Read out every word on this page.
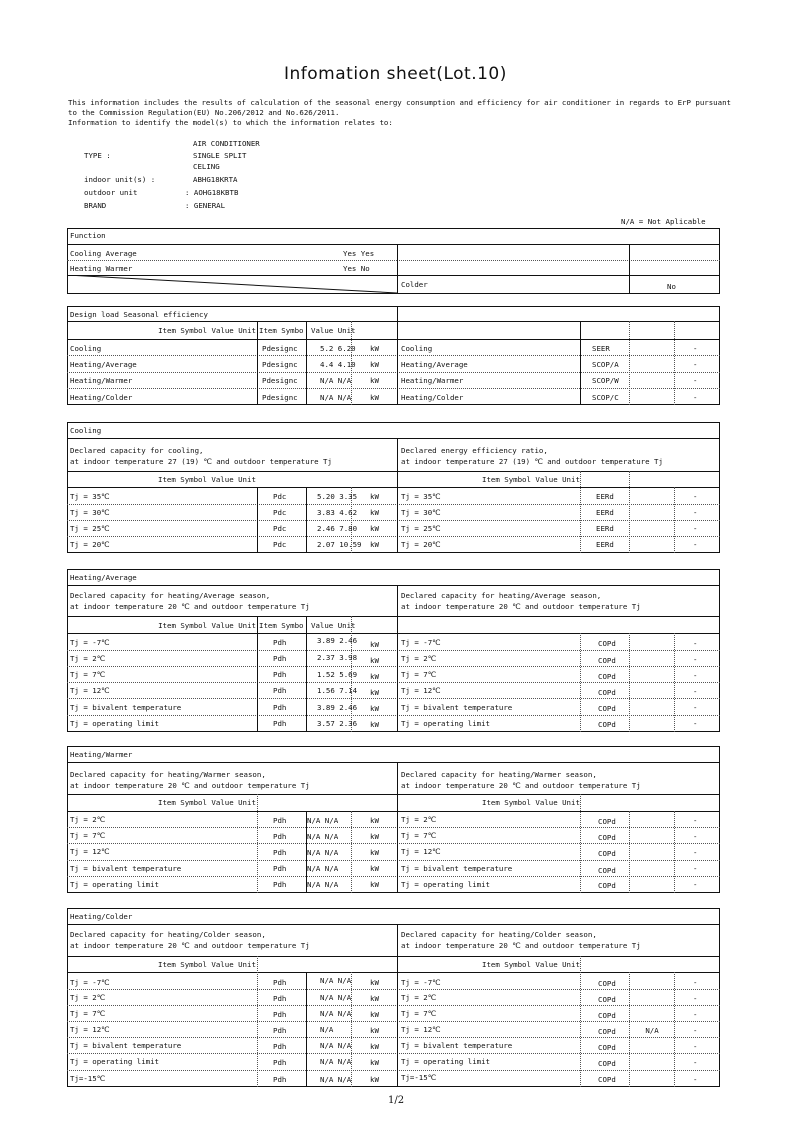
Infomation sheet(Lot.10)
This information includes the results of calculation of the seasonal energy consumption and efficiency for air conditioner in regards to ErP pursuant
to the Commission Regulation(EU) No.206/2012 and No.626/2011.
Information to identify the model(s) to which the information relates to:
AIR CONDITIONER
TYPE :	SINGLE SPLIT
CELING
indoor unit(s) :	ABHG18KRTA
outdoor unit	: AOHG18KBTB
BRAND	: GENERAL
N/A = Not Aplicable
Function
Cooling Average	Yes Yes
Heating Warmer	Yes No
Colder	No
Design load Seasonal efficiency
Item Symbol Value Unit Item Symbo Value Unit
Cooling	Pdesignc	5.2 6.20 kW	Cooling	SEER	-
Heating/Average	Pdesignc	4.4 4.10 kW	Heating/Average	SCOP/A	-
Heating/Warmer	Pdesignc	N/A N/A	kW	Heating/Warmer	SCOP/W	-
Heating/Colder	Pdesignc	N/A N/A	kW	Heating/Colder	SCOP/C	-
Cooling
Declared capacity for cooling,
at indoor temperature 27 (19) ℃ and outdoor temperature Tj
Declared energy efficiency ratio,
at indoor temperature 27 (19) ℃ and outdoor temperature Tj
Item Symbol Value Unit	Item Symbol Value Unit
Tj = 35℃	Pdc	5.20 3.35 kW	Tj = 35℃	EERd	-
Tj = 30℃	Pdc	3.83 4.62 kW	Tj = 30℃	EERd	-
Tj = 25℃	Pdc	2.46 7.80 kW	Tj = 25℃	EERd	-
Tj = 20℃	Pdc	2.07 10.59 kW	Tj = 20℃	EERd	-
Heating/Average
Declared capacity for heating/Average season,
at indoor temperature 20 ℃ and outdoor temperature Tj
Declared capacity for heating/Average season,
at indoor temperature 20 ℃ and outdoor temperature Tj
Item Symbol Value Unit Item Symbo Value Unit
Tj = -7℃	Pdh	3.89 2.46 kW	Tj = -7℃	COPd	-
Tj = 2℃	Pdh	2.37 3.98 kW	Tj = 2℃	COPd	-
Tj = 7℃	Pdh	1.52 5.69 kW	Tj = 7℃	COPd	-
Tj = 12℃	Pdh	1.56 7.14 kW	Tj = 12℃	COPd	-
Tj = bivalent temperature	Pdh	3.89 2.46 kW	Tj = bivalent temperature	COPd	-
Tj = operating limit	Pdh	3.57 2.36 kW	Tj = operating limit	COPd	-
Heating/Warmer
Declared capacity for heating/Warmer season,
at indoor temperature 20 ℃ and outdoor temperature Tj
Declared capacity for heating/Warmer season,
at indoor temperature 20 ℃ and outdoor temperature Tj
Item Symbol Value Unit	Item Symbol Value Unit
Tj = 2℃	Pdh	N/A N/A	kW	Tj = 2℃	COPd	-
Tj = 7℃	Pdh	N/A N/A	kW	Tj = 7℃	COPd	-
Tj = 12℃	Pdh	N/A N/A	kW	Tj = 12℃	COPd	-
Tj = bivalent temperature	Pdh	N/A N/A	kW	Tj = bivalent temperature	COPd	-
Tj = operating limit	Pdh	N/A N/A	kW	Tj = operating limit	COPd	-
Heating/Colder
Declared capacity for heating/Colder season,
at indoor temperature 20 ℃ and outdoor temperature Tj
Declared capacity for heating/Colder season,
at indoor temperature 20 ℃ and outdoor temperature Tj
Item Symbol Value Unit	Item Symbol Value Unit
Tj = -7℃	Pdh	N/A N/A	kW	Tj = -7℃	COPd	-
Tj = 2℃	Pdh	N/A N/A	kW	Tj = 2℃	COPd	-
Tj = 7℃	Pdh	N/A N/A	kW	Tj = 7℃	COPd	-
Tj = 12℃	Pdh	N/A	kW	Tj = 12℃	COPd	N/A	-
Tj = bivalent temperature	Pdh	N/A N/A	kW	Tj = bivalent temperature	COPd	-
Tj = operating limit	Pdh	N/A N/A	kW	Tj = operating limit	COPd	-
Tj=-15℃	Pdh	N/A N/A	kW	Tj=-15℃	COPd	-
1/2
